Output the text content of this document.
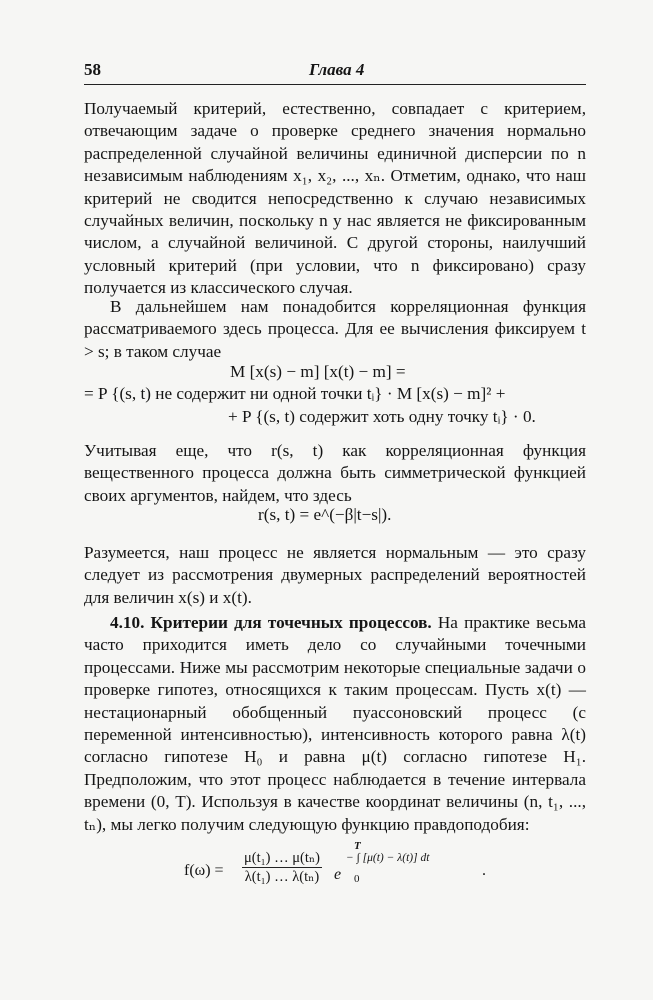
58	Глава 4

Получаемый критерий, естественно, совпадает с критерием, отвечающим задаче о проверке среднего значения нормально распределенной случайной величины единичной дисперсии по n независимым наблюдениям x₁, x₂, ..., xₙ. Отметим, однако, что наш критерий не сводится непосредственно к случаю независимых случайных величин, поскольку n у нас является не фиксированным числом, а случайной величиной. С другой стороны, наилучший условный критерий (при условии, что n фиксировано) сразу получается из классического случая.

В дальнейшем нам понадобится корреляционная функция рассматриваемого здесь процесса. Для ее вычисления фиксируем t > s; в таком случае

M [x(s) − m] [x(t) − m] =
= P {(s, t) не содержит ни одной точки tᵢ} · M [x(s) − m]² +
+ P {(s, t) содержит хоть одну точку tᵢ} · 0.

Учитывая еще, что r(s, t) как корреляционная функция вещественного процесса должна быть симметрической функцией своих аргументов, найдем, что здесь

r(s, t) = e^(−β|t−s|).

Разумеется, наш процесс не является нормальным — это сразу следует из рассмотрения двумерных распределений вероятностей для величин x(s) и x(t).

4.10. Критерии для точечных процессов. На практике весьма часто приходится иметь дело со случайными точечными процессами. Ниже мы рассмотрим некоторые специальные задачи о проверке гипотез, относящихся к таким процессам. Пусть x(t) — нестационарный обобщенный пуассоновский процесс (с переменной интенсивностью), интенсивность которого равна λ(t) согласно гипотезе H₀ и равна μ(t) согласно гипотезе H₁. Предположим, что этот процесс наблюдается в течение интервала времени (0, T). Используя в качестве координат величины (n, t₁, ..., tₙ), мы легко получим следующую функцию правдоподобия:

$f(\omega) = \frac{\text{μ(t₁) … μ(tₙ)}}{\text{λ(t₁) … λ(tₙ)}}$ e
T
− ∫ [μ(t) − λ(t)] dt
0	.
